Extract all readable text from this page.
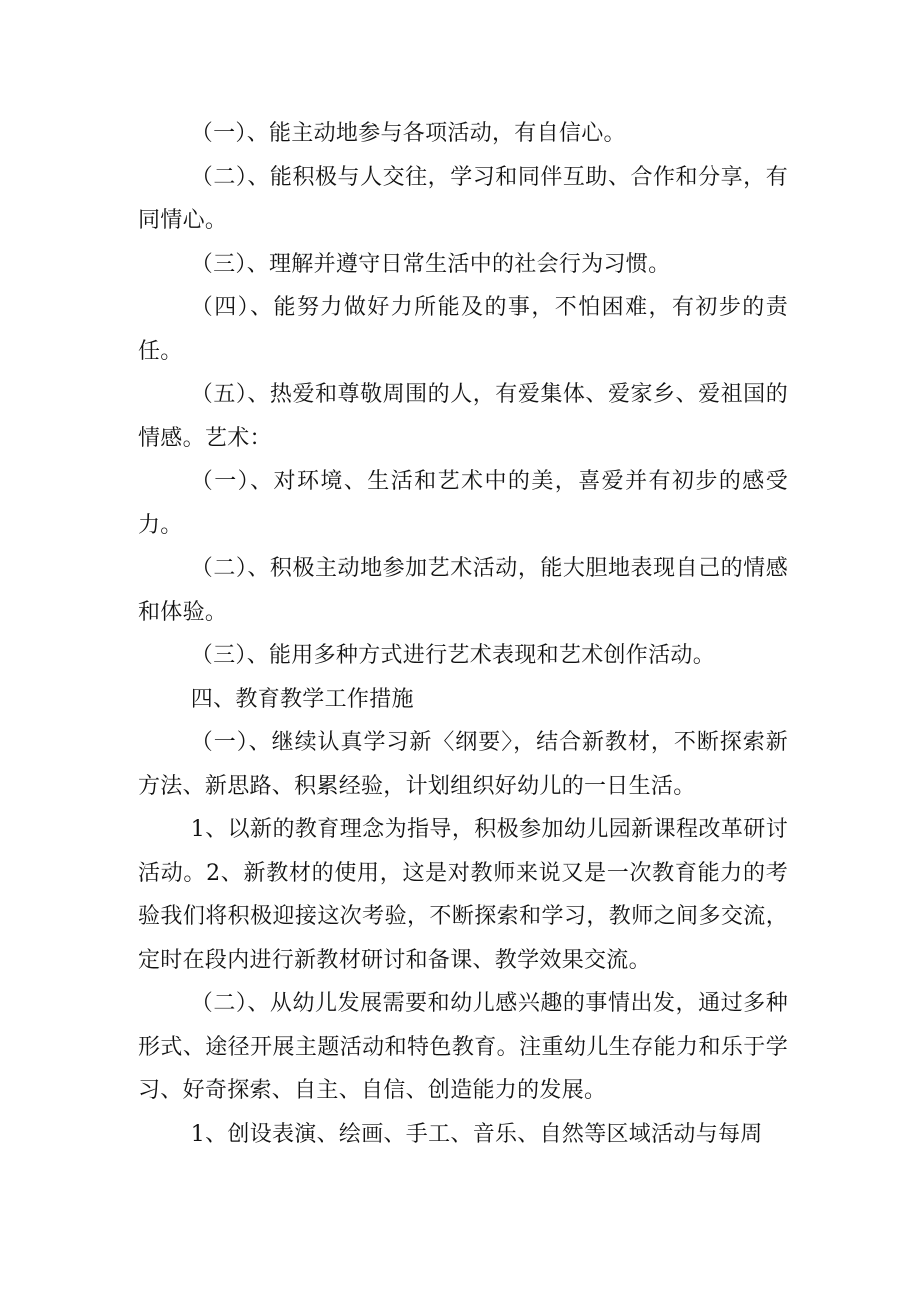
（一）、能主动地参与各项活动，有自信心。

（二）、能积极与人交往，学习和同伴互助、合作和分享，有同情心。

（三）、理解并遵守日常生活中的社会行为习惯。

（四）、能努力做好力所能及的事，不怕困难，有初步的责任。

（五）、热爱和尊敬周围的人，有爱集体、爱家乡、爱祖国的情感。艺术：

（一）、对环境、生活和艺术中的美，喜爱并有初步的感受力。

（二）、积极主动地参加艺术活动，能大胆地表现自己的情感和体验。

（三）、能用多种方式进行艺术表现和艺术创作活动。

四、教育教学工作措施

（一）、继续认真学习新〈纲要〉，结合新教材，不断探索新方法、新思路、积累经验，计划组织好幼儿的一日生活。

1、以新的教育理念为指导，积极参加幼儿园新课程改革研讨活动。2、新教材的使用，这是对教师来说又是一次教育能力的考验我们将积极迎接这次考验，不断探索和学习，教师之间多交流，定时在段内进行新教材研讨和备课、教学效果交流。

（二）、从幼儿发展需要和幼儿感兴趣的事情出发，通过多种形式、途径开展主题活动和特色教育。注重幼儿生存能力和乐于学习、好奇探索、自主、自信、创造能力的发展。

1、创设表演、绘画、手工、音乐、自然等区域活动与每周
